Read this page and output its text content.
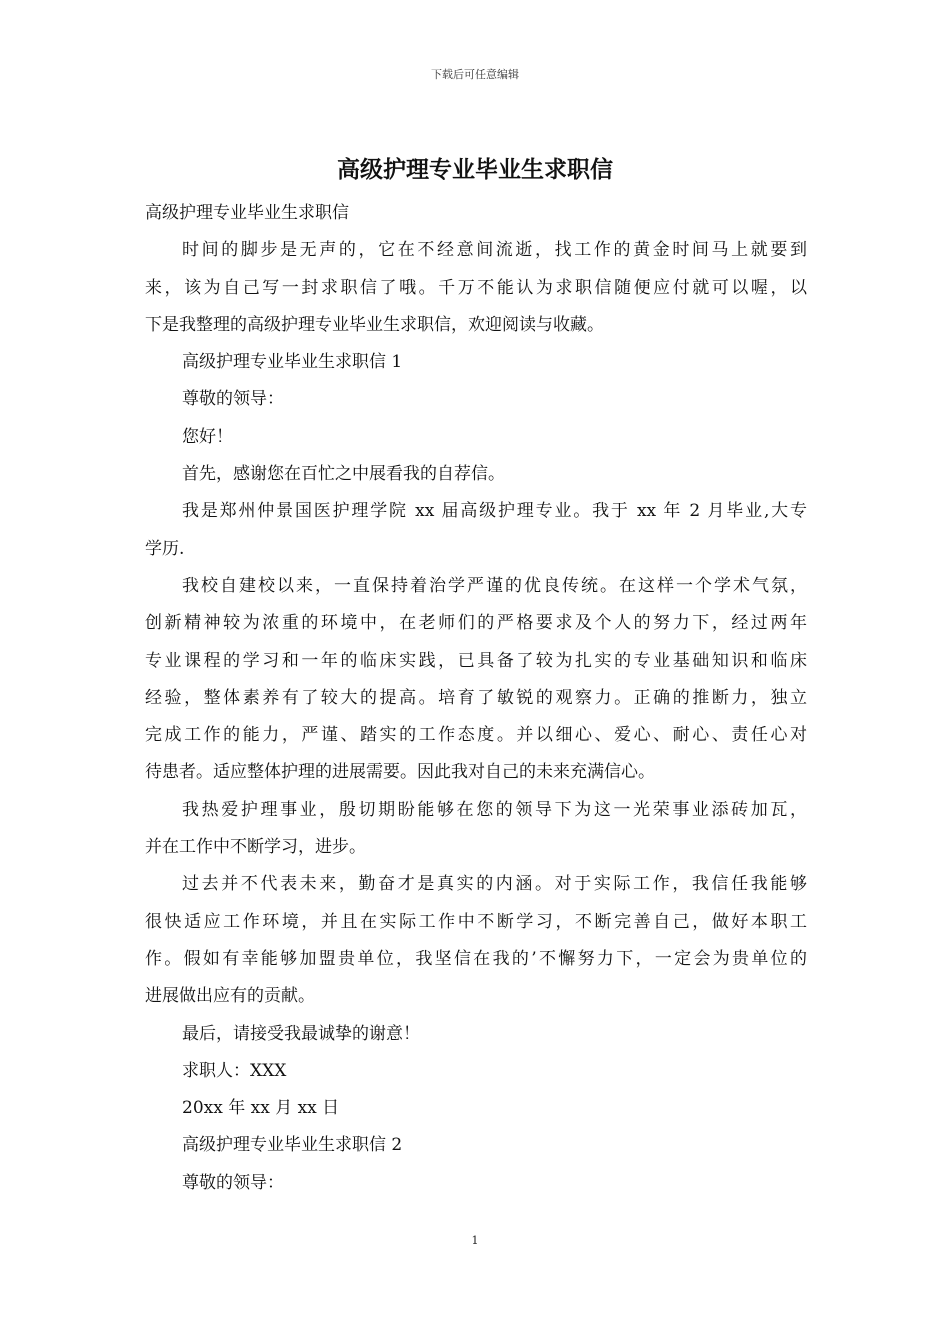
下载后可任意编辑
高级护理专业毕业生求职信
高级护理专业毕业生求职信
时间的脚步是无声的，它在不经意间流逝，找工作的黄金时间马上就要到
来，该为自己写一封求职信了哦。千万不能认为求职信随便应付就可以喔，以
下是我整理的高级护理专业毕业生求职信，欢迎阅读与收藏。
高级护理专业毕业生求职信 1
尊敬的领导：
您好！
首先，感谢您在百忙之中展看我的自荐信。
我是郑州仲景国医护理学院 xx 届高级护理专业。我于 xx 年 2 月毕业,大专
学历.
我校自建校以来，一直保持着治学严谨的优良传统。在这样一个学术气氛，
创新精神较为浓重的环境中，在老师们的严格要求及个人的努力下，经过两年
专业课程的学习和一年的临床实践，已具备了较为扎实的专业基础知识和临床
经验，整体素养有了较大的提高。培育了敏锐的观察力。正确的推断力，独立
完成工作的能力，严谨、踏实的工作态度。并以细心、爱心、耐心、责任心对
待患者。适应整体护理的进展需要。因此我对自己的未来充满信心。
我热爱护理事业，殷切期盼能够在您的领导下为这一光荣事业添砖加瓦，
并在工作中不断学习，进步。
过去并不代表未来，勤奋才是真实的内涵。对于实际工作，我信任我能够
很快适应工作环境，并且在实际工作中不断学习，不断完善自己，做好本职工
作。假如有幸能够加盟贵单位，我坚信在我的’不懈努力下，一定会为贵单位的
进展做出应有的贡献。
最后，请接受我最诚挚的谢意！
求职人：XXX
20xx 年 xx 月 xx 日
高级护理专业毕业生求职信 2
尊敬的领导：
1
